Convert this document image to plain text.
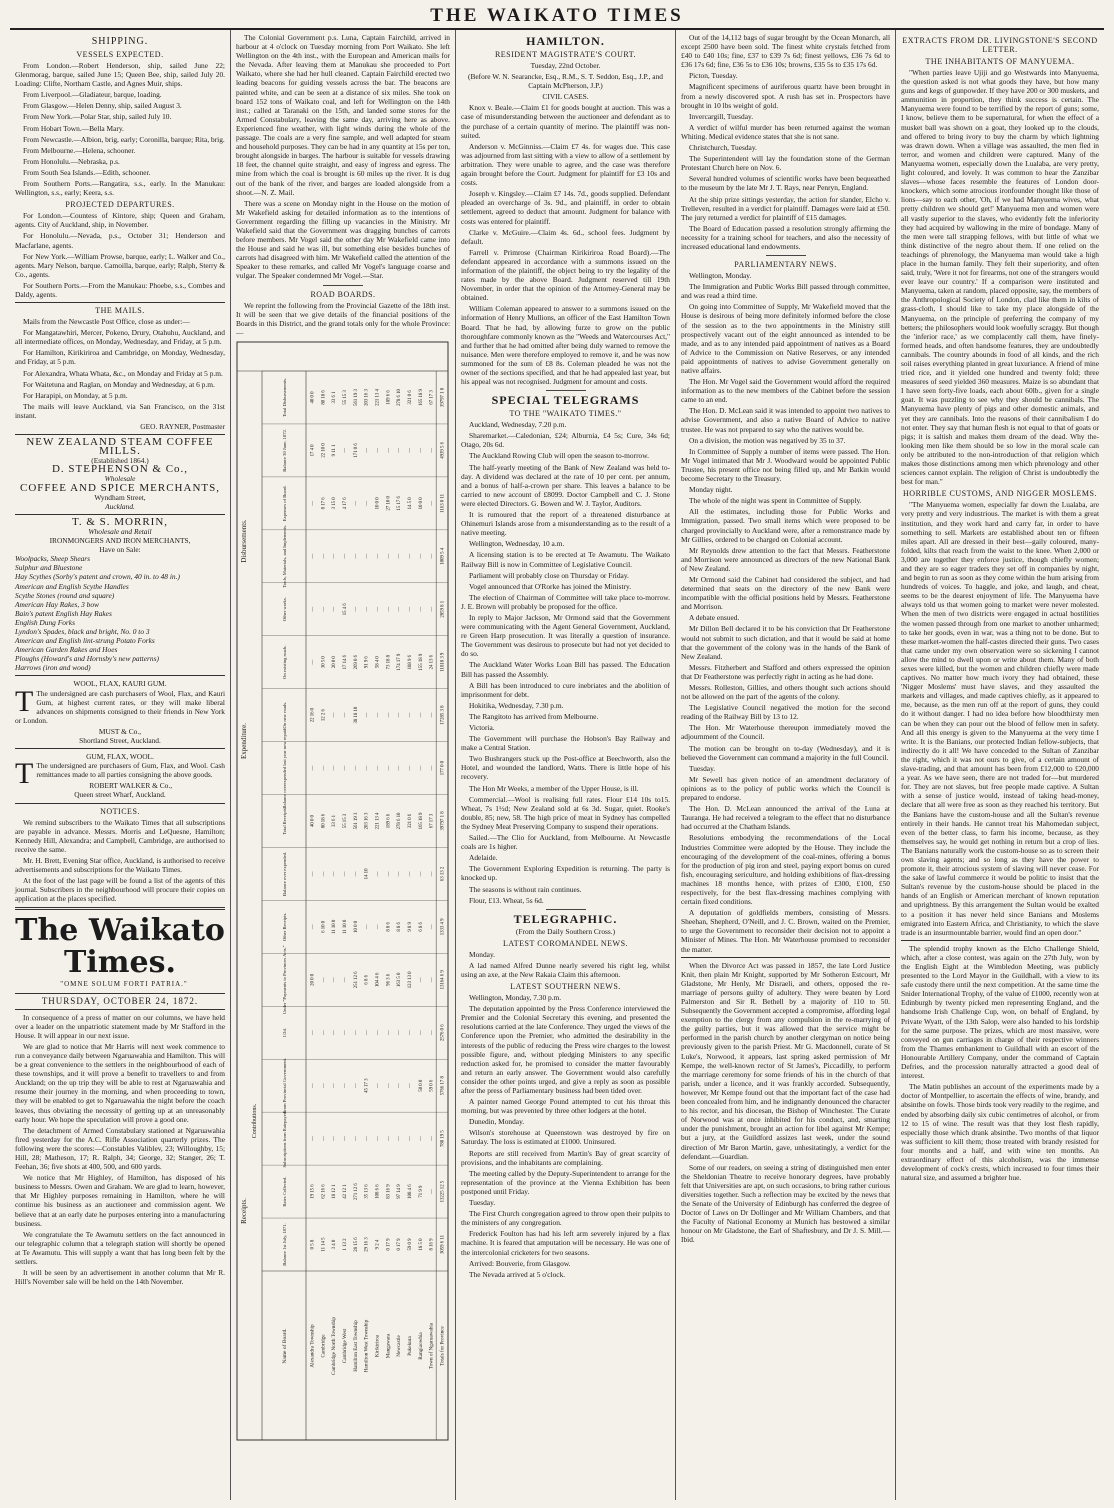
THE WAIKATO TIMES
SHIPPING.
VESSELS EXPECTED.

From London.—Robert Henderson, ship, sailed June 22; Glenmorag, barque, sailed June 15; Queen Bee, ship, sailed July 20. Loading: Clifte, Northam Castle, and Agnes Muir, ships.

From Liverpool.—Gladiateur, barque, loading.

From Glasgow.—Helen Denny, ship, sailed August 3.

From New York.—Polar Star, ship, sailed July 10.

From Hobart Town.—Bella Mary.

From Newcastle.—Albion, brig, early; Coronilla, barque; Rita, brig.

From Melbourne.—Helena, schooner.

From Honolulu.—Nebraska, p.s.

From South Sea Islands.—Edith, schooner.

From Southern Ports.—Rangatira, s.s., early. In the Manukau: Wellington, s.s., early; Keera, s.s.

PROJECTED DEPARTURES.

For London.—Countess of Kintore, ship; Queen and Graham, agents. City of Auckland, ship, in November.

For Honolulu.—Nevada, p.s., October 31; Henderson and Macfarlane, agents.

For New York.—William Prowse, barque, early; L. Walker and Co., agents. Mary Nelson, barque. Camoilla, barque, early; Ralph, Sterry & Co., agents.

For Southern Ports.—From the Manukau: Phoebe, s.s., Combes and Daldy, agents.

THE MAILS.

Mails from the Newcastle Post Office, close as under:—

For Mangatawhiri, Mercer, Pokeno, Drury, Otahuhu, Auckland, and all intermediate offices, on Monday, Wednesday, and Friday, at 5 p.m.

For Hamilton, Kirikiriroa and Cambridge, on Monday, Wednesday, and Friday, at 5 p.m.

For Alexandra, Whata Whata, &c., on Monday and Friday at 5 p.m.

For Waitetuna and Raglan, on Monday and Wednesday, at 6 p.m.

For Harapipi, on Monday, at 5 p.m.

The mails will leave Auckland, via San Francisco, on the 31st instant.

GEO. RAYNER, Postmaster

NEW ZEALAND STEAM COFFEE MILLS.
(Established 1864.)
D. STEPHENSON & Co.,
Wholesale
COFFEE AND SPICE MERCHANTS,
Wyndham Street,
Auckland.
T. & S. MORRIN,
Wholesale and Retail
IRONMONGERS AND IRON MERCHANTS,
Have on Sale:
Woolpacks, Sheep Shears
Sulphur and Bluestone
Hay Scythes (Sorby's patent and crown, 40 in. to 48 in.)
American and English Scythe Handles
Scythe Stones (round and square)
American Hay Rakes, 3 bow
Bain's patent English Hay Rakes
English Dung Forks
Lyndon's Spades, black and bright, No. 0 to 3
American and English lint-strung Potato Forks
American Garden Rakes and Hoes
Ploughs (Howard's and Hornsby's new patterns)
Harrows (iron and wood)
WOOL, FLAX, KAURI GUM.

T The undersigned are cash purchasers of Wool, Flax, and Kauri Gum, at highest current rates, or they will make liberal advances on shipments consigned to their friends in New York or London.

MUST & Co.,
Shortland Street, Auckland.
GUM, FLAX, WOOL.

T The undersigned are purchasers of Gum, Flax, and Wool. Cash remittances made to all parties consigning the above goods.

ROBERT WALKER & Co.,
Queen street Wharf, Auckland.
NOTICES.

We remind subscribers to the Waikato Times that all subscriptions are payable in advance. Messrs. Morris and LeQuesne, Hamilton; Kennedy Hill, Alexandra; and Campbell, Cambridge, are authorised to receive the same.

Mr. H. Brett, Evening Star office, Auckland, is authorised to receive advertisements and subscriptions for the Waikato Times.

At the foot of the last page will be found a list of the agents of this journal. Subscribers in the neighbourhood will procure their copies on application at the places specified.

The Waikato Times.

"OMNE SOLUM FORTI PATRIA."

THURSDAY, OCTOBER 24, 1872.

In consequence of a press of matter on our columns, we have held over a leader on the unpatriotic statement made by Mr Stafford in the House. It will appear in our next issue.

We are glad to notice that Mr Harris will next week commence to run a conveyance daily between Ngaruawahia and Hamilton. This will be a great convenience to the settlers in the neighbourhood of each of these townships, and it will prove a benefit to travellers to and from Auckland; on the up trip they will be able to rest at Ngaruawahia and resume their journey in the morning, and when proceeding to town, they will be enabled to get to Ngaruawahia the night before the coach leaves, thus obviating the necessity of getting up at an unreasonably early hour. We hope the speculation will prove a good one.

The detachment of Armed Constabulary stationed at Ngaruawahia fired yesterday for the A.C. Rifle Association quarterly prizes. The following were the scores:—Constables Valiblev, 23; Willoughby, 15; Hill, 28; Matheson, 17; R. Ralph, 34; George, 32; Stanger, 26; T. Feehan, 36; five shots at 400, 500, and 600 yards.

We notice that Mr Highley, of Hamilton, has disposed of his business to Messrs. Owen and Graham. We are glad to learn, however, that Mr Highley purposes remaining in Hamilton, where he will continue his business as an auctioneer and commission agent. We believe that at an early date he purposes entering into a manufacturing business.

We congratulate the Te Awamutu settlers on the fact announced in our telegraphic column that a telegraph station will shortly be opened at Te Awamutu. This will supply a want that has long been felt by the settlers.

It will be seen by an advertisement in another column that Mr R. Hill's November sale will be held on the 14th November.

The Colonial Government p.s. Luna, Captain Fairchild, arrived in harbour at 4 o'clock on Tuesday morning from Port Waikato. She left Wellington on the 4th inst., with the European and American mails for the Nevada. After leaving them at Manukau she proceeded to Port Waikato, where she had her hull cleaned. Captain Fairchild erected two leading beacons for guiding vessels across the bar. The beacons are painted white, and can be seen at a distance of six miles. She took on board 152 tons of Waikato coal, and left for Wellington on the 14th inst.; called at Taranaki on the 15th, and landed some stores for the Armed Constabulary, leaving the same day, arriving here as above. Experienced fine weather, with light winds during the whole of the passage. The coals are a very fine sample, and well adapted for steam and household purposes. They can be had in any quantity at 15s per ton, brought alongside in barges. The harbour is suitable for vessels drawing 18 feet, the channel quite straight, and easy of ingress and egress. The mine from which the coal is brought is 60 miles up the river. It is dug out of the bank of the river, and barges are loaded alongside from a shoot.—N. Z. Mail.

There was a scene on Monday night in the House on the motion of Mr Wakefield asking for detailed information as to the intentions of Government regarding the filling up vacancies in the Ministry. Mr Wakefield said that the Government was dragging bunches of carrots before members. Mr Vogel said the other day Mr Wakefield came into the House and said he was ill, but something else besides bunches of carrots had disagreed with him. Mr Wakefield called the attention of the Speaker to these remarks, and called Mr Vogel's language coarse and vulgar. The Speaker condemned Mr Vogel.—Star.

ROAD BOARDS.

We reprint the following from the Provincial Gazette of the 18th inst. It will be seen that we give details of the financial positions of the Boards in this District, and the grand totals only for the whole Province:—

Receipts.
Expenditure.
Disbursements.
Contributions.
Balance 1st July, 1871.
Rates Collected.
Subscriptions from Ratepayers.
From Provincial Government.
1/2d.
Under "Payments to Provinces Acts."
Other Receipts.
Balance over expended.
Total Receipts.
Balance overexpended last year now repaid.
On new roads.
On existing roads.
Other works.
Tools, Materials, and Implements.
Expenses of Board.
Balance 30 June, 1872.
Total Disbursements.
Name of Board.	Alexandra Township
0 5 8
19 15 6
—
—
—
20 0 0
—
—
40 0 0
—
22 16 0
—
—
—
—
17 4 0
40 0 0
Cambridge
11 14 5
62 16 6
—
—
—
—
6 10 0
—
80 18 6
—
12 2 6
30 5 0
—
—
8 17 6
22 10 0
80 18 6
Cambridge North Township
3 4 0
18 12 1
—
—
—
—
11 10 0
—
33 6 1
—
—
20 0 0
—
—
3 15 0
9 11 1
33 6 1
Cambridge West
1 13 2
42 12 1
—
—
—
—
11 10 0
—
55 15 3
—
—
17 14 6
15 4 6
—
4 17 6
—
55 15 3
Hamilton East Township
28 15 6
271 12 6
—
—
—
251 12 6
10 0 0
—
561 19 3
—
38 18 10
269 0 6
—
—
—
171 0 6
561 19 3
Hamilton West Township
29 16 3
35 13 6
—
45 17 3
—
6 8 6
—
14 10
203 16 3
—
—
91 9 6
—
—
—
—
203 16 3
Kirikiriroa
9 2 4
108 6 6
—
—
—
104 4 6
—
—
221 13 4
—
—
58 4 0
—
—
10 0 0
—
221 13 4
Mangawara
0 17 9
83 16 9
—
—
—
96 3 6
8 8 6
—
189 6 6
—
—
73 18 8
—
—
27 10 0
—
189 6 6
Newcastle
0 17 9
97 14 9
—
—
—
163 5 0
8 8 6
—
278 6 10
—
—
174 17 9
—
—
15 17 6
—
278 6 10
Pukekura
59 0 9
108 4 6
—
—
—
123 13 0
9 8 9
—
321 0 6
—
—
188 9 6
—
—
14 5 0
—
321 0 6
Rangiaowhia
18 5 0
71 9 9
—
50 0 0
—
—
6 8 6
—
165 18 9
—
—
155 18 9
—
—
10 0 0
—
165 18 9
Town of Ngaruawahia
8 16 9
—
—
59 0 6
—
—
—
—
67 17 3
—
—
24 13 6
—
—
—
—
67 17 3
Totals for Province
3059 6 11
13225 12 5
788 19 5
5766 17 8
2576 0 6
13164 6 9
1333 4 9
63 13 2
39797 1 8
177 0 0
17285 3 8
11818 3 9
2859 8 1
1009 5 4
1163 0 11
4939 5 6
39797 1 8
HAMILTON.
RESIDENT MAGISTRATE'S COURT.

Tuesday, 22nd October.

(Before W. N. Searancke, Esq., R.M., S. T. Seddon, Esq., J.P., and Captain McPherson, J.P.)

CIVIL CASES.

Knox v. Beale.—Claim £1 for goods bought at auction. This was a case of misunderstanding between the auctioneer and defendant as to the purchase of a certain quantity of merino. The plaintiff was non-suited.

Anderson v. McGinniss.—Claim £7 4s. for wages due. This case was adjourned from last sitting with a view to allow of a settlement by arbitration. They were unable to agree, and the case was therefore again brought before the Court. Judgment for plaintiff for £3 10s and costs.

Joseph v. Kingsley.—Claim £7 14s. 7d., goods supplied. Defendant pleaded an overcharge of 3s. 9d., and plaintiff, in order to obtain settlement, agreed to deduct that amount. Judgment for balance with costs was entered for plaintiff.

Clarke v. McGuire.—Claim 4s. 6d., school fees. Judgment by default.

Farrell v. Primrose (Chairman Kirikiriroa Road Board).—The defendant appeared in accordance with a summons issued on the information of the plaintiff, the object being to try the legality of the rates made by the above Board. Judgment reserved till 19th November, in order that the opinion of the Attorney-General may be obtained.

William Coleman appeared to answer to a summons issued on the information of Henry Mullions, an officer of the East Hamilton Town Board. That he had, by allowing furze to grow on the public thoroughfare commonly known as the "Weeds and Watercourses Act," and further that he had omitted after being duly warned to remove the nuisance. Men were therefore employed to remove it, and he was now summoned for the sum of £8 8s. Coleman pleaded he was not the owner of the sections specified, and that he had appealed last year, but his appeal was not recognised. Judgment for amount and costs.

SPECIAL TELEGRAMS
TO THE "WAIKATO TIMES."

Auckland, Wednesday, 7.20 p.m.

Sharemarket.—Caledonian, £24; Alburnia, £4 5s; Cure, 34s 6d; Otago, 20s 6d.

The Auckland Rowing Club will open the season to-morrow.

The half-yearly meeting of the Bank of New Zealand was held to-day. A dividend was declared at the rate of 10 per cent. per annum, and a bonus of half-a-crown per share. This leaves a balance to be carried to new account of £8099. Doctor Campbell and C. J. Stone were elected Directors. G. Bowen and W. J. Taylor, Auditors.

It is rumoured that the report of a threatened disturbance at Ohinemuri Islands arose from a misunderstanding as to the result of a native meeting.

Wellington, Wednesday, 10 a.m.

A licensing station is to be erected at Te Awamutu. The Waikato Railway Bill is now in Committee of Legislative Council.

Parliament will probably close on Thursday or Friday.

Vogel announced that O'Rorke has joined the Ministry.

The election of Chairman of Committee will take place to-morrow. J. E. Brown will probably be proposed for the office.

In reply to Major Jackson, Mr Ormond said that the Government were communicating with the Agent General Government, Auckland, re Green Harp prosecution. It was literally a question of insurance. The Government was desirous to prosecute but had not yet decided to do so.

The Auckland Water Works Loan Bill has passed. The Education Bill has passed the Assembly.

A Bill has been introduced to cure inebriates and the abolition of imprisonment for debt.

Hokitika, Wednesday, 7.30 p.m.

The Rangitoto has arrived from Melbourne.

Victoria.

The Government will purchase the Hobson's Bay Railway and make a Central Station.

Two Bushrangers stuck up the Post-office at Beechworth, also the Hotel, and wounded the landlord, Watts. There is little hope of his recovery.

The Hon Mr Weeks, a member of the Upper House, is ill.

Commercial.—Wool is realising full rates. Flour £14 10s to15. Wheat, 7s 1½d; New Zealand sold at 6s 3d. Sugar, quiet. Rooke's double, 85; new, 58. The high price of meat in Sydney has compelled the Sydney Meat Preserving Company to suspend their operations.

Sailed.—The Clio for Auckland, from Melbourne. At Newcastle coals are 1s higher.

Adelaide.

The Government Exploring Expedition is returning. The party is knocked up.

The seasons is without rain continues.

Flour, £13. Wheat, 5s 6d.

TELEGRAPHIC.

(From the Daily Southern Cross.)

LATEST COROMANDEL NEWS.

Monday.

A lad named Alfred Dunne nearly severed his right leg, whilst using an axe, at the New Rakaia Claim this afternoon.

LATEST SOUTHERN NEWS.

Wellington, Monday, 7.30 p.m.

The deputation appointed by the Press Conference interviewed the Premier and the Colonial Secretary this evening, and presented the resolutions carried at the late Conference. They urged the views of the Conference upon the Premier, who admitted the desirability in the interests of the public of reducing the Press wire charges to the lowest possible figure, and, without pledging Ministers to any specific reduction asked for, he promised to consider the matter favourably and return an early answer. The Government would also carefully consider the other points urged, and give a reply as soon as possible after the press of Parliamentary business had been tided over.

A painter named George Pound attempted to cut his throat this morning, but was prevented by three other lodgers at the hotel.

Dunedin, Monday.

Wilson's storehouse at Queenstown was destroyed by fire on Saturday. The loss is estimated at £1000. Uninsured.

Reports are still received from Martin's Bay of great scarcity of provisions, and the inhabitants are complaining.

The meeting called by the Deputy-Superintendent to arrange for the representation of the province at the Vienna Exhibition has been postponed until Friday.

Tuesday.

The First Church congregation agreed to throw open their pulpits to the ministers of any congregation.

Frederick Foulton has had his left arm severely injured by a flax machine. It is feared that amputation will be necessary. He was one of the intercolonial cricketers for two seasons.

Arrived: Bouverie, from Glasgow.

The Nevada arrived at 5 o'clock.

Out of the 14,112 bags of sugar brought by the Ocean Monarch, all except 2500 have been sold. The finest white crystals fetched from £40 to £40 10s; fine, £37 to £39 7s 6d; finest yellows, £36 7s 6d to £36 17s 6d; fine, £36 5s to £36 10s; browns, £35 5s to £35 17s 6d.

Picton, Tuesday.

Magnificent specimens of auriferous quartz have been brought in from a newly discovered spot. A rush has set in. Prospectors have brought in 10 lbs weight of gold.

Invercargill, Tuesday.

A verdict of wilful murder has been returned against the woman Whiting. Medical evidence states that she is not sane.

Christchurch, Tuesday.

The Superintendent will lay the foundation stone of the German Protestant Church here on Nov. 6.

Several hundred volumes of scientific works have been bequeathed to the museum by the late Mr J. T. Rays, near Penryn, England.

At the ship prize sittings yesterday, the action for slander, Elcho v. Trelleven, resulted in a verdict for plaintiff. Damages were laid at £50. The jury returned a verdict for plaintiff of £15 damages.

The Board of Education passed a resolution strongly affirming the necessity for a training school for teachers, and also the necessity of increased educational land endowments.

PARLIAMENTARY NEWS.

Wellington, Monday.

The Immigration and Public Works Bill passed through committee, and was read a third time.

On going into Committee of Supply, Mr Wakefield moved that the House is desirous of being more definitely informed before the close of the session as to the two appointments in the Ministry still prospectively vacant out of the eight announced as intended to be made, and as to any intended paid appointment of natives as a Board of Advice to the Commission on Native Reserves, or any intended paid appointments of natives to advise Government generally on native affairs.

The Hon. Mr Vogel said the Government would afford the required information as to the new members of the Cabinet before the session came to an end.

The Hon. D. McLean said it was intended to appoint two natives to advise Government, and also a native Board of Advice to native trustee. He was not prepared to say who the natives would be.

On a division, the motion was negatived by 35 to 37.

In Committee of Supply a number of items were passed. The Hon. Mr Vogel intimated that Mr J. Woodward would be appointed Public Trustee, his present office not being filled up, and Mr Batkin would become Secretary to the Treasury.

Monday night.

The whole of the night was spent in Committee of Supply.

All the estimates, including those for Public Works and Immigration, passed. Two small items which were proposed to be charged provincially to Auckland were, after a remonstrance made by Mr Gillies, ordered to be charged on Colonial account.

Mr Reynolds drew attention to the fact that Messrs. Featherstone and Morrison were announced as directors of the new National Bank of New Zealand.

Mr Ormond said the Cabinet had considered the subject, and had determined that seats on the directory of the new Bank were incompatible with the official positions held by Messrs. Featherstone and Morrison.

A debate ensued.

Mr Dillon Bell declared it to be his conviction that Dr Featherstone would not submit to such dictation, and that it would be said at home that the government of the colony was in the hands of the Bank of New Zealand.

Messrs. Fitzherbert and Stafford and others expressed the opinion that Dr Featherstone was perfectly right in acting as he had done.

Messrs. Rolleston, Gillies, and others thought such actions should not be allowed on the part of the agents of the colony.

The Legislative Council negatived the motion for the second reading of the Railway Bill by 13 to 12.

The Hon. Mr Waterhouse thereupon immediately moved the adjournment of the Council.

The motion can be brought on to-day (Wednesday), and it is believed the Government can command a majority in the full Council.

Tuesday.

Mr Sewell has given notice of an amendment declaratory of opinions as to the policy of public works which the Council is prepared to endorse.

The Hon. D. McLean announced the arrival of the Luna at Tauranga. He had received a telegram to the effect that no disturbance had occurred at the Chatham Islands.

Resolutions embodying the recommendations of the Local Industries Committee were adopted by the House. They include the encouraging of the development of the coal-mines, offering a bonus for the production of pig iron and steel, paying export bonus on cured fish, encouraging sericulture, and holding exhibitions of flax-dressing machines 18 months hence, with prizes of £300, £100, £50 respectively, for the best flax-dressing machines complying with certain fixed conditions.

A deputation of goldfields members, consisting of Messrs. Sheehan, Shepherd, O'Neill, and J. C. Brown, waited on the Premier, to urge the Government to reconsider their decision not to appoint a Minister of Mines. The Hon. Mr Waterhouse promised to reconsider the matter.

When the Divorce Act was passed in 1857, the late Lord Justice Knit, then plain Mr Knight, supported by Mr Sotheron Estcourt, Mr Gladstone, Mr Henly, Mr Disraeli, and others, opposed the re-marriage of persons guilty of adultery. They were beaten by Lord Palmerston and Sir R. Bethell by a majority of 110 to 50. Subsequently the Government accepted a compromise, affording legal exemption to the clergy from any compulsion in the re-marrying of the guilty parties, but it was allowed that the service might be performed in the parish church by another clergyman on notice being previously given to the parish Priest. Mr G. Macdonnell, curate of St Luke's, Norwood, it appears, last spring asked permission of Mr Kempe, the well-known rector of St James's, Piccadilly, to perform the marriage ceremony for some friends of his in the church of that parish, under a licence, and it was frankly accorded. Subsequently, however, Mr Kempe found out that the important fact of the case had been concealed from him, and he indignantly denounced the character to his rector, and his diocesan, the Bishop of Winchester. The Curate of Norwood was at once inhibited for his conduct, and, smarting under the punishment, brought an action for libel against Mr Kempe; but a jury, at the Guildford assizes last week, under the sound direction of Mr Baron Martin, gave, unhesitatingly, a verdict for the defendant.—Guardian.

Some of our readers, on seeing a string of distinguished men enter the Sheldonian Theatre to receive honorary degrees, have probably felt that Universities are apt, on such occasions, to bring rather curious diversities together. Such a reflection may be excited by the news that the Senate of the University of Edinburgh has conferred the degree of Doctor of Laws on Dr Dollinger and Mr William Chambers, and that the Faculty of National Economy at Munich has bestowed a similar honour on Mr Gladstone, the Earl of Shaftesbury, and Dr J. S. Mill.—Ibid.

EXTRACTS FROM DR. LIVINGSTONE'S SECOND LETTER.
THE INHABITANTS OF MANYUEMA.

"When parties leave Ujiji and go Westwards into Manyuema, the question asked is not what goods they have, but how many guns and kegs of gunpowder. If they have 200 or 300 muskets, and ammunition in proportion, they think success is certain. The Manyuema were found to be terrified by the report of guns; some, I know, believe them to be supernatural, for when the effect of a musket ball was shown on a goat, they looked up to the clouds, and offered to bring ivory to buy the charm by which lightning was drawn down. When a village was assaulted, the men fled in terror, and women and children were captured. Many of the Manyuema women, especially down the Lualaba, are very pretty, light coloured, and lovely. It was common to hear the Zanzibar slaves—whose faces resemble the features of London door-knockers, which some atrocious ironfounder thought like those of lions—say to each other, 'Oh, if we had Manyuema wives, what pretty children we should get!' Manyuema men and women were all vastly superior to the slaves, who evidently felt the inferiority they had acquired by wallowing in the mire of bondage. Many of the men were tall strapping fellows, with but little of what we think distinctive of the negro about them. If one relied on the teachings of phrenology, the Manyuema man would take a high place in the human family. They felt their superiority, and often said, truly, 'Were it not for firearms, not one of the strangers would ever leave our country.' If a comparison were instituted and Manyuema, taken at random, placed opposite, say, the members of the Anthropological Society of London, clad like them in kilts of grass-cloth, I should like to take my place alongside of the Manyuema, on the principle of preferring the company of my betters; the philosophers would look woefully scraggy. But though the 'inferior race,' as we complacently call them, have finely-formed heads, and often handsome features, they are undoubtedly cannibals. The country abounds in food of all kinds, and the rich soil raises everything planted in great luxuriance. A friend of mine tried rice, and it yielded one hundred and twenty fold; three measures of seed yielded 360 measures. Maize is so abundant that I have seen forty-five loads, each about 60lb., given for a single goat. It was puzzling to see why they should be cannibals. The Manyuema have plenty of pigs and other domestic animals, and yet they are cannibals. Into the reasons of their cannibalism I do not enter. They say that human flesh is not equal to that of goats or pigs; it is saltish and makes them dream of the dead. Why the-looking men like them should be so low in the moral scale can only be attributed to the non-introduction of that religion which makes those distinctions among men which phrenology and other sciences cannot explain. The religion of Christ is undoubtedly the best for man."

HORRIBLE CUSTOMS, AND NIGGER MOSLEMS.

"The Manyuema women, especially far down the Lualaba, are very pretty and very industrious. The market is with them a great institution, and they work hard and carry far, in order to have something to sell. Markets are established about ten or fifteen miles apart. All are dressed in their best—gaily coloured, many-folded, kilts that reach from the waist to the knee. When 2,000 or 3,000 are together they enforce justice, though chiefly women; and they are so eager traders they set off in companies by night, and begin to run as soon as they come within the hum arising from hundreds of voices. To haggle, and joke, and laugh, and cheat, seems to be the dearest enjoyment of life. The Manyuema have always told us that women going to market were never molested. When the men of two districts were engaged in actual hostilities the women passed through from one market to another unharmed; to take her goods, even in war, was a thing not to be done. But to these market-women the half-castes directed their guns. Two cases that came under my own observation were so sickening I cannot allow the mind to dwell upon or write about them. Many of both sexes were killed, but the women and children chiefly were made captives. No matter how much ivory they had obtained, these 'Nigger Moslems' must have slaves, and they assaulted the markets and villages, and made captives chiefly, as it appeared to me, because, as the men run off at the report of guns, they could do it without danger. I had no idea before how bloodthirsty men can be when they can pour out the blood of fellow men in safety. And all this energy is given to the Manyuema at the very time I write. It is the Banians, our protected Indian fellow-subjects, that indirectly do it all! We have conceded to the Sultan of Zanzibar the right, which it was not ours to give, of a certain amount of slave-trading, and that amount has been from £12,000 to £20,000 a year. As we have seen, there are not traded for—but murdered for. They are not slaves, but free people made captive. A Sultan with a sense of justice would, instead of taking head-money, declare that all were free as soon as they reached his territory. But the Banians have the custom-house and all the Sultan's revenue entirely in their hands. He cannot treat his Mahomedan subject, even of the better class, to farm his income, because, as they themselves say, he would get nothing in return but a crop of lies. The Banians naturally work the custom-house so as to screen their own slaving agents; and so long as they have the power to promote it, their atrocious system of slaving will never cease. For the sake of lawful commerce it would be politic to insist that the Sultan's revenue by the custom-house should be placed in the hands of an English or American merchant of known reputation and uprightness. By this arrangement the Sultan would be exalted to a position it has never held since Banians and Moslems emigrated into Eastern Africa, and Christianity, to which the slave trade is an insurmountable barrier, would find an open door."

The splendid trophy known as the Elcho Challenge Shield, which, after a close contest, was again on the 27th July, won by the English Eight at the Wimbledon Meeting, was publicly presented to the Lord Mayor in the Guildhall, with a view to its safe custody there until the next competition. At the same time the Snider International Trophy, of the value of £1000, recently won at Edinburgh by twenty picked men representing England, and the handsome Irish Challenge Cup, won, on behalf of England, by Private Wyatt, of the 13th Salop, were also handed to his lordship for the same purpose. The prizes, which are most massive, were conveyed on gun carriages in charge of their respective winners from the Thames embankment to Guildhall with an escort of the Honourable Artillery Company, under the command of Captain Defries, and the procession naturally attracted a good deal of interest.

The Matin publishes an account of the experiments made by a doctor of Montpellier, to ascertain the effects of wine, brandy, and absinthe on fowls. Those birds took very readily to the regime, and ended by absorbing daily six cubic centimetres of alcohol, or from 12 to 15 of wine. The result was that they lost flesh rapidly, especially those which drank absinthe. Two months of that liquor was sufficient to kill them; those treated with brandy resisted for four months and a half, and with wine ten months. An extraordinary effect of this alcoholism, was the immense development of cock's crests, which increased to four times their natural size, and assumed a brighter hue.
